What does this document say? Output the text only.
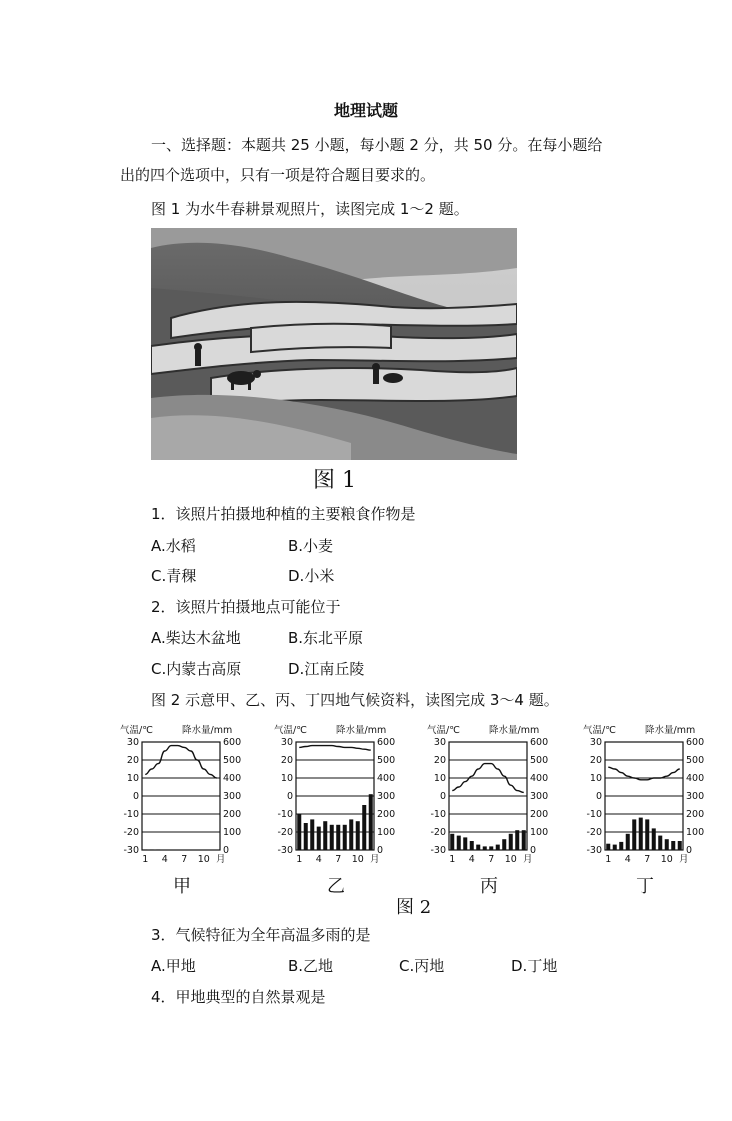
地理试题
一、选择题：本题共 25 小题，每小题 2 分，共 50 分。在每小题给
出的四个选项中，只有一项是符合题目要求的。
图 1 为水牛春耕景观照片，读图完成 1～2 题。
图 1
1．该照片拍摄地种植的主要粮食作物是
A.水稻	B.小麦
C.青稞	D.小米
2．该照片拍摄地点可能位于
A.柴达木盆地	B.东北平原
C.内蒙古高原	D.江南丘陵
图 2 示意甲、乙、丙、丁四地气候资料，读图完成 3～4 题。
气温/℃	降水量/mm
30	600
20	500
10	400
0	300
-10	200
-20	100
-30	0
1 4 7 10 月
气温/℃	降水量/mm
30	600
20	500
10	400
0	300
-10	200
-20	100
-30	0
1 4 7 10 月
气温/℃	降水量/mm
30	600
20	500
10	400
0	300
-10	200
-20	100
-30	0
1 4 7 10 月
气温/℃	降水量/mm
30	600
20	500
10	400
0	300
-10	200
-20	100
-30	0
1 4 7 10 月
甲	乙	丙	丁
图 2
3．气候特征为全年高温多雨的是
A.甲地	B.乙地	C.丙地	D.丁地
4．甲地典型的自然景观是
